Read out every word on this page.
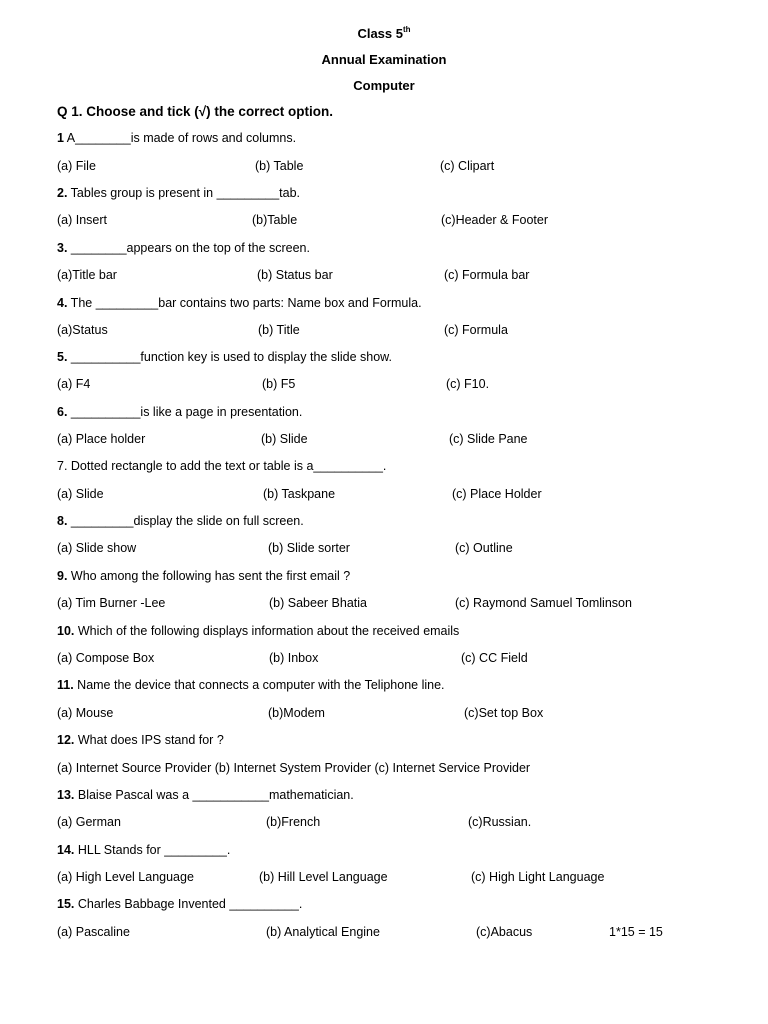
Class 5th
Annual Examination
Computer
Q 1. Choose and tick (√) the correct option.
1 A________is made of rows and columns.
(a) File	(b) Table	(c) Clipart
2. Tables group is present in _________tab.
(a) Insert	(b)Table	(c)Header & Footer
3. ________appears on the top of the screen.
(a)Title bar	(b) Status bar	(c) Formula bar
4. The _________bar contains two parts: Name box and Formula.
(a)Status	(b) Title	(c) Formula
5. __________function key is used to display the slide show.
(a) F4	(b) F5	(c) F10.
6. __________is like a page in presentation.
(a) Place holder	(b) Slide	(c) Slide Pane
7. Dotted rectangle to add the text or table is a__________.
(a) Slide	(b) Taskpane	(c) Place Holder
8. _________display the slide on full screen.
(a) Slide show	(b) Slide sorter	(c) Outline
9. Who among the following has sent the first email ?
(a) Tim Burner -Lee	(b) Sabeer Bhatia	(c) Raymond Samuel Tomlinson
10. Which of the following displays information about the received emails
(a) Compose Box	(b) Inbox	(c) CC Field
11. Name the device that connects a computer with the Teliphone line.
(a) Mouse	(b)Modem	(c)Set top Box
12. What does IPS stand for ?
(a) Internet Source Provider (b) Internet System Provider (c) Internet Service Provider
13. Blaise Pascal was a ___________mathematician.
(a) German	(b)French	(c)Russian.
14. HLL Stands for _________.
(a) High Level Language	(b) Hill Level Language	(c) High Light Language
15. Charles Babbage Invented __________.
(a) Pascaline	(b) Analytical Engine	(c)Abacus	1*15 = 15
